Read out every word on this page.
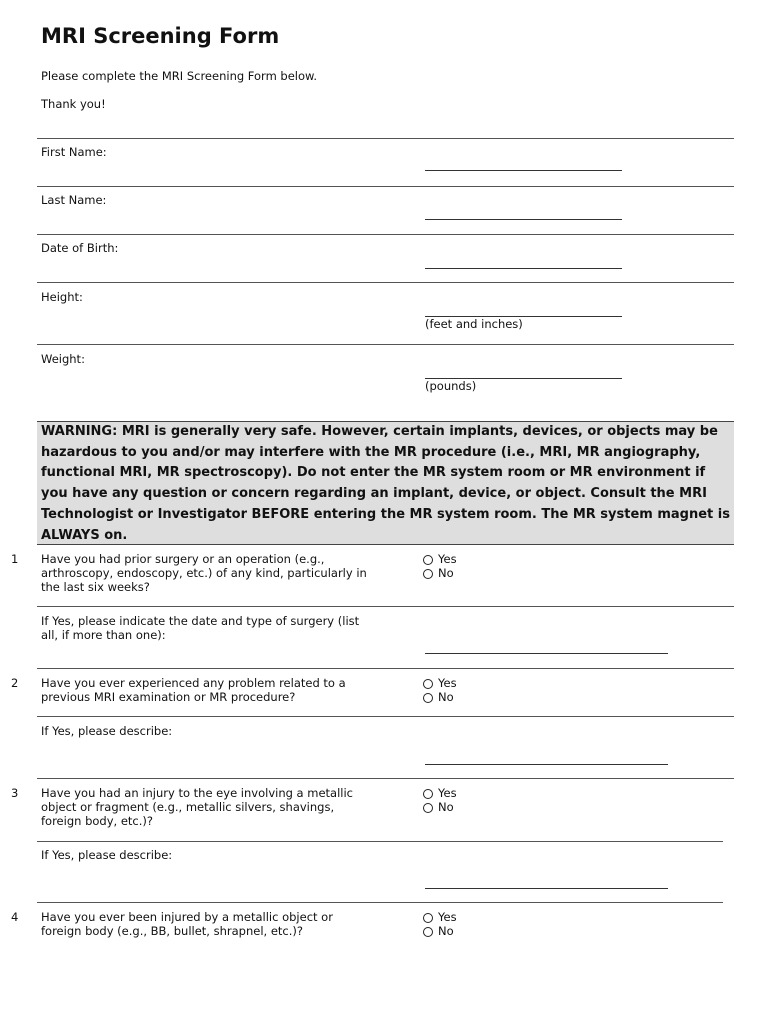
MRI Screening Form
Please complete the MRI Screening Form below.
Thank you!
First Name:
Last Name:
Date of Birth:
Height:
(feet and inches)
Weight:
(pounds)
WARNING: MRI is generally very safe. However, certain implants, devices, or objects may be hazardous to you and/or may interfere with the MR procedure (i.e., MRI, MR angiography, functional MRI, MR spectroscopy). Do not enter the MR system room or MR environment if you have any question or concern regarding an implant, device, or object. Consult the MRI Technologist or Investigator BEFORE entering the MR system room. The MR system magnet is ALWAYS on.
1 Have you had prior surgery or an operation (e.g., arthroscopy, endoscopy, etc.) of any kind, particularly in the last six weeks?
Yes
No
If Yes, please indicate the date and type of surgery (list all, if more than one):
2 Have you ever experienced any problem related to a previous MRI examination or MR procedure?
Yes
No
If Yes, please describe:
3 Have you had an injury to the eye involving a metallic object or fragment (e.g., metallic silvers, shavings, foreign body, etc.)?
Yes
No
If Yes, please describe:
4 Have you ever been injured by a metallic object or foreign body (e.g., BB, bullet, shrapnel, etc.)?
Yes
No
